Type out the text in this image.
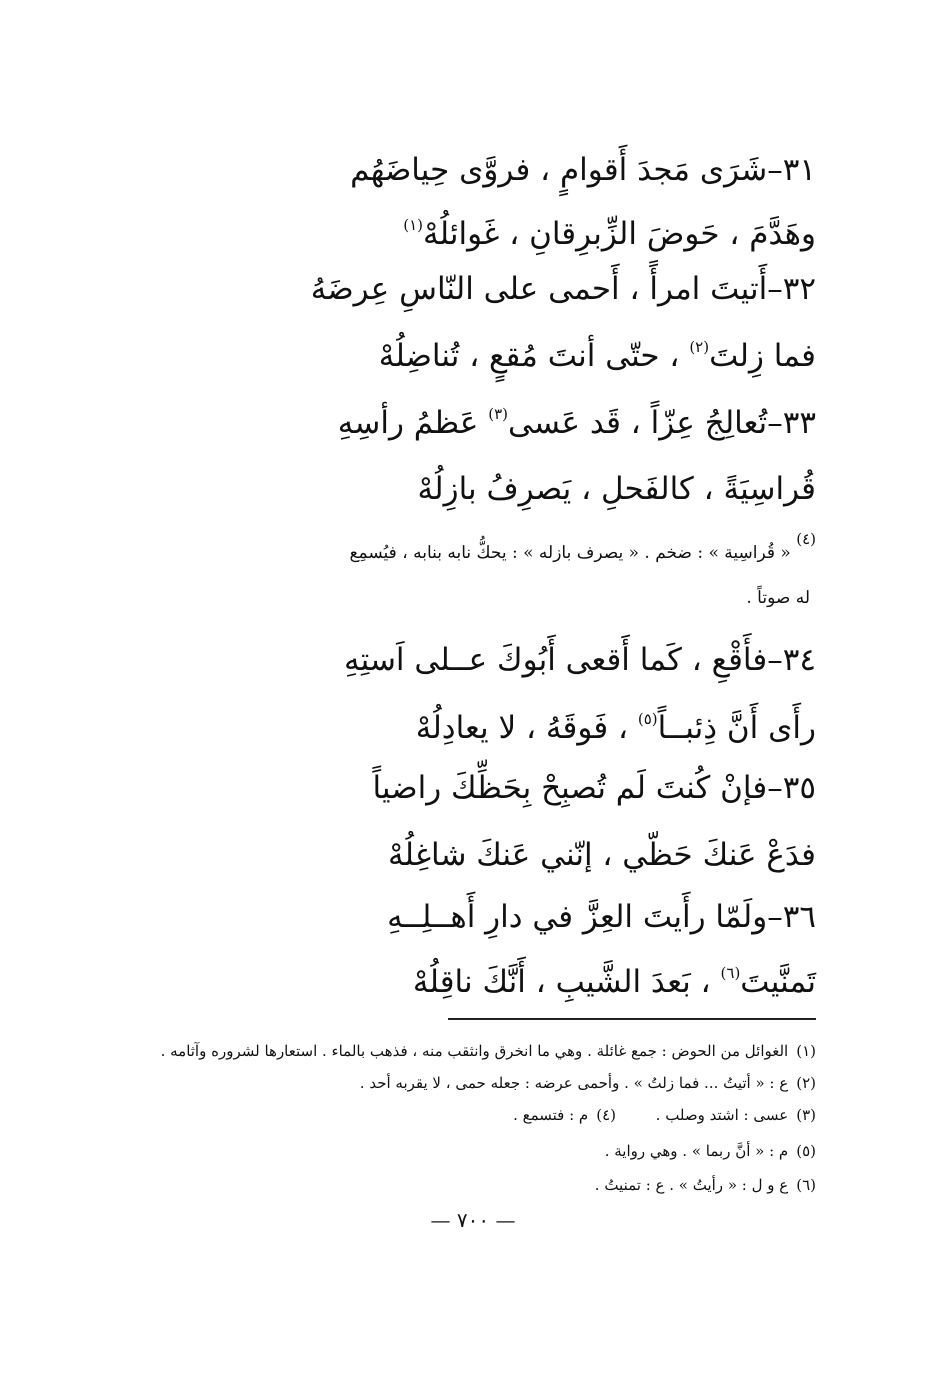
٣١–شَرَى مَجدَ أَقوامٍ ، فروَّى حِياضَهُم
وهَدَّمَ ، حَوضَ الزِّبرِقانِ ، غَوائلُهْ$^{(١)}$
٣٢–أَتيتَ امرأً ، أَحمى على النّاسِ عِرضَهُ
فما زِلتَ$^{(٢)}$ ، حتّى أنتَ مُقعٍ ، تُناضِلُهْ
٣٣–تُعالِجُ عِزّاً ، قَد عَسى$^{(٣)}$ عَظمُ رأسِهِ
قُراسِيَةً ، كالفَحلِ ، يَصرِفُ بازِلُهْ
$^{(٤)}$ « قُراسِية » : ضخم . « يصرف بازله » : يحكُّ نابه بنابه ، فيُسمِع
له صوتاً .
٣٤–فأَقْعِ ، كَما أَقعى أَبُوكَ عــلى اَستِهِ
رأَى أَنَّ ذِئبــاً$^{(٥)}$ ، فَوقَهُ ، لا يعادِلُهْ
٣٥–فإنْ كُنتَ لَم تُصبِحْ بِحَظِّكَ راضياً
فدَعْ عَنكَ حَظّي ، إنّني عَنكَ شاغِلُهْ
٣٦–ولَمّا رأَيتَ العِزَّ في دارِ أَهــلِــهِ
تَمنَّيتَ$^{(٦)}$ ، بَعدَ الشَّيبِ ، أَنَّكَ ناقِلُهْ
(١)الغوائل من الحوض : جمع غائلة . وهي ما انخرق وانثقب منه ، فذهب بالماء . استعارها لشروره وآثامه .
(٢)ع : « أتيتُ ... فما زلتُ » . وأحمى عرضه : جعله حمى ، لا يقربه أحد .
(٣)عسى : اشتد وصلب .
(٤)م : فتسمع .
(٥)م : « أنَّ ربما » . وهي رواية .
(٦)ع و ل : « رأيتُ » . ع : تمنيتُ .
— ٧٠٠ —
